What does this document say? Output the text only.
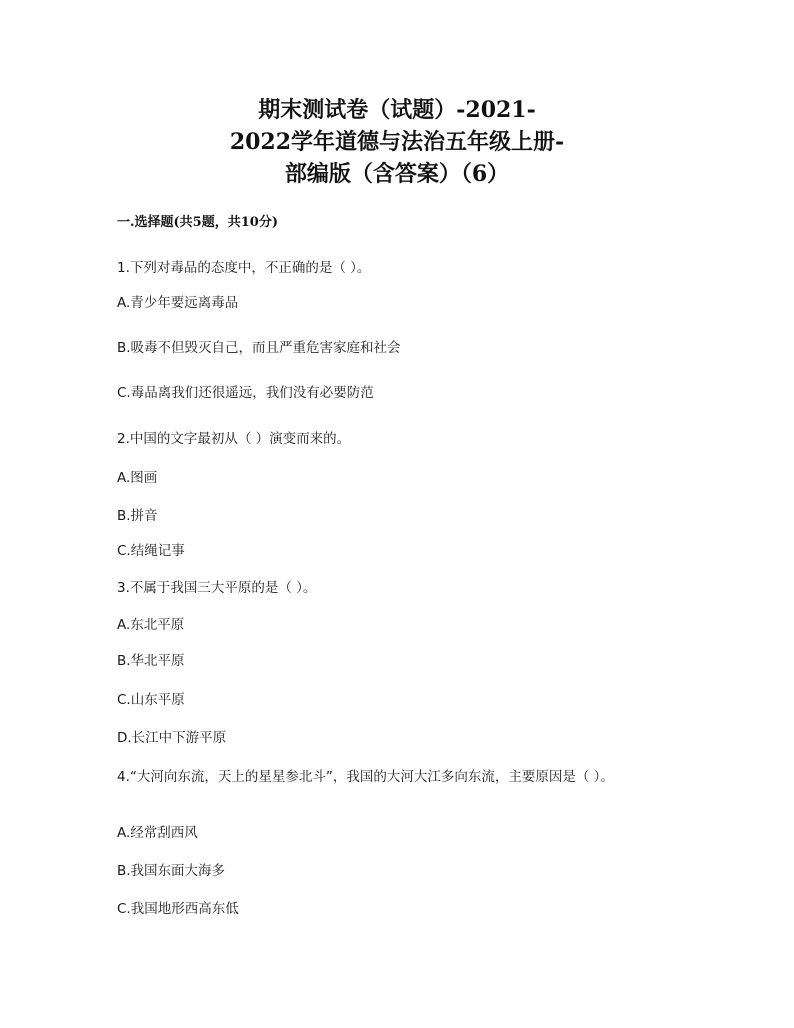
期末测试卷（试题）-2021-
2022学年道德与法治五年级上册-
部编版（含答案）（6）
一.选择题(共5题，共10分)
1.下列对毒品的态度中，不正确的是（ ）。
A.青少年要远离毒品
B.吸毒不但毁灭自己，而且严重危害家庭和社会
C.毒品离我们还很遥远，我们没有必要防范
2.中国的文字最初从（ ）演变而来的。
A.图画
B.拼音
C.结绳记事
3.不属于我国三大平原的是（ ）。
A.东北平原
B.华北平原
C.山东平原
D.长江中下游平原
4.“大河向东流，天上的星星参北斗”，我国的大河大江多向东流，主要原因是（ ）。
A.经常刮西风
B.我国东面大海多
C.我国地形西高东低
